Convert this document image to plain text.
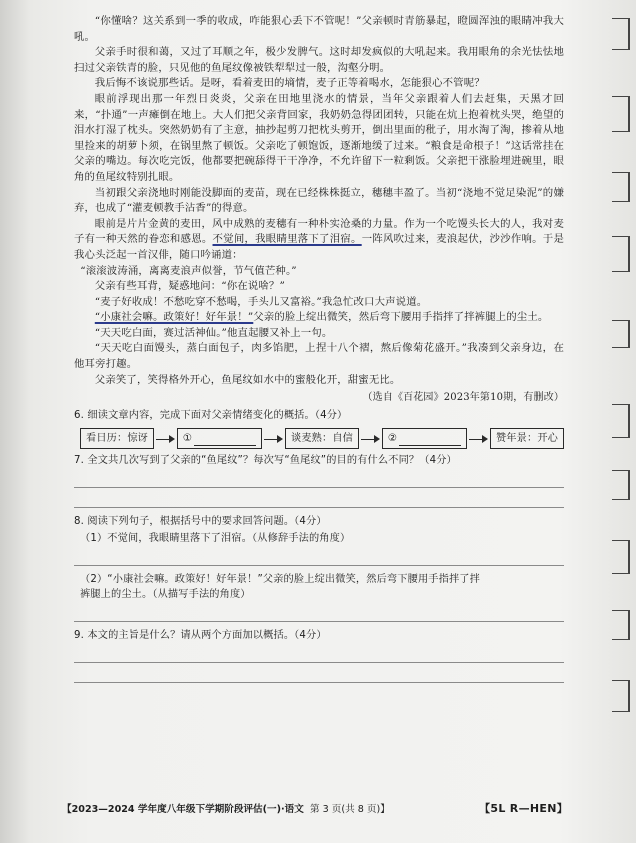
“你懂啥？这关系到一季的收成，咋能狠心丢下不管呢！”父亲顿时青筋暴起，瞪圆浑浊的眼睛冲我大吼。

父亲手时很和蔼，又过了耳顺之年，极少发脾气。这时却发疯似的大吼起来。我用眼角的余光怯怯地扫过父亲铁青的脸，只见他的鱼尾纹像被铁犁犁过一般，沟壑分明。

我后悔不该说那些话。是呀，看着麦田的墒情，麦子正等着喝水，怎能狠心不管呢？

眼前浮现出那一年烈日炎炎，父亲在田地里浇水的情景，当年父亲跟着人们去赶集，天黑才回来，“扑通”一声瘫倒在地上。大人们把父亲背回家，我奶奶急得团团转，只能在炕上抱着枕头哭，绝望的泪水打湿了枕头。突然奶奶有了主意，抽抄起剪刀把枕头剪开，倒出里面的秕子，用水淘了淘，掺着从地里捡来的胡萝卜须，在锅里熬了顿饭。父亲吃了顿饱饭，逐渐地缓了过来。“粮食是命根子！”这话常挂在父亲的嘴边。每次吃完饭，他都要把碗舔得干干净净，不允许留下一粒剩饭。父亲把干涨脸埋进碗里，眼角的鱼尾纹特别扎眼。

当初跟父亲浇地时刚能没脚面的麦苗，现在已经株株挺立，穗穗丰盈了。当初“浇地不觉足染泥”的嫌弃，也成了“灌麦顿教手沾香”的得意。

眼前是片片金黄的麦田，风中成熟的麦穗有一种朴实沧桑的力量。作为一个吃馒头长大的人，我对麦子有一种天然的眷恋和感恩。不觉间，我眼睛里落下了泪宿。一阵风吹过来，麦浪起伏，沙沙作响。于是我心头泛起一首汉俳，随口吟诵道：

“滚滚波涛涌，离离麦浪声似誉，节气值芒种。”

父亲有些耳背，疑惑地问：“你在说啥？”

“麦子好收成！不愁吃穿不愁喝，手头儿又富裕。”我急忙改口大声说道。

“小康社会嘛。政策好！好年景！”父亲的脸上绽出微笑，然后弯下腰用手指拌了拌裤腿上的尘土。

“天天吃白面，赛过活神仙。”他直起腰又补上一句。

“天天吃白面馒头，蒸白面包子，肉多馅肥，上捏十八个褶，熬后像菊花盛开。”我凑到父亲身边，在他耳旁打趣。

父亲笑了，笑得格外开心，鱼尾纹如水中的蜜般化开，甜蜜无比。

（选自《百花园》2023年第10期，有删改）

6. 细读文章内容，完成下面对父亲情绪变化的概括。（4分）

看日历：惊讶	①	谈麦熟：自信	②	赞年景：开心

7. 全文共几次写到了父亲的“鱼尾纹”？每次写“鱼尾纹”的目的有什么不同？（4分）

8. 阅读下列句子，根据括号中的要求回答问题。（4分）

（1）不觉间，我眼睛里落下了泪宿。（从修辞手法的角度）

（2）“小康社会嘛。政策好！好年景！”父亲的脸上绽出微笑，然后弯下腰用手指拌了拌

裤腿上的尘土。（从描写手法的角度）

9. 本文的主旨是什么？请从两个方面加以概括。（4分）

【2023—2024 学年度八年级下学期阶段评估(一)·语文 第 3 页(共 8 页)】	【5L R—HEN】
